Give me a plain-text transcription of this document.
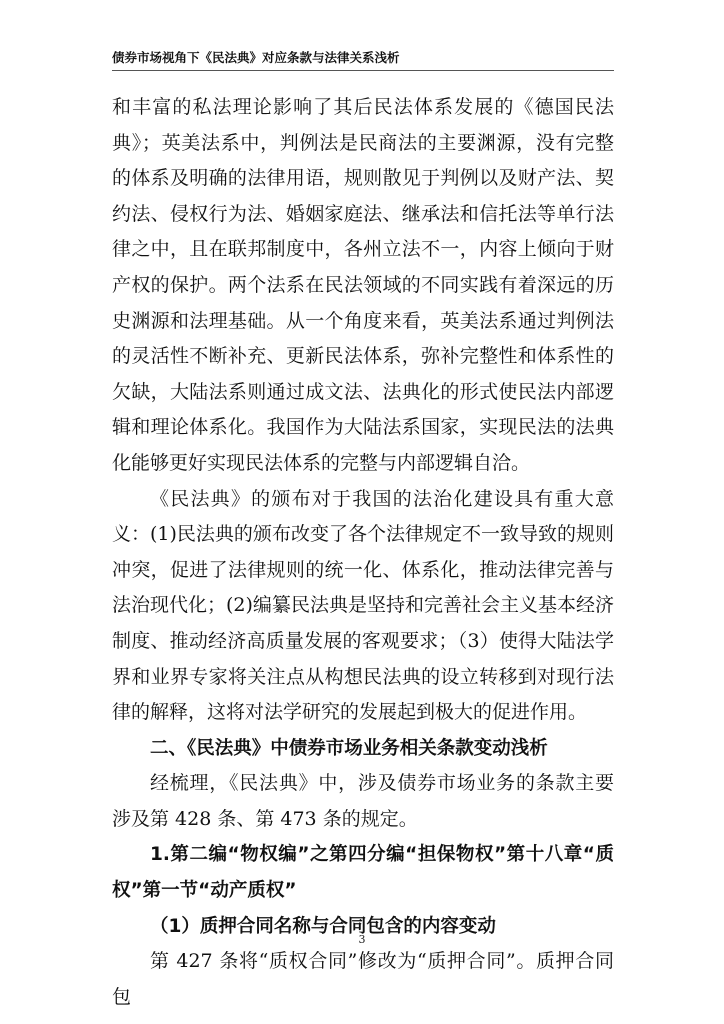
债券市场视角下《民法典》对应条款与法律关系浅析

和丰富的私法理论影响了其后民法体系发展的《德国民法典》；英美法系中，判例法是民商法的主要渊源，没有完整的体系及明确的法律用语，规则散见于判例以及财产法、契约法、侵权行为法、婚姻家庭法、继承法和信托法等单行法律之中，且在联邦制度中，各州立法不一，内容上倾向于财产权的保护。两个法系在民法领域的不同实践有着深远的历史渊源和法理基础。从一个角度来看，英美法系通过判例法的灵活性不断补充、更新民法体系，弥补完整性和体系性的欠缺，大陆法系则通过成文法、法典化的形式使民法内部逻辑和理论体系化。我国作为大陆法系国家，实现民法的法典化能够更好实现民法体系的完整与内部逻辑自洽。

《民法典》的颁布对于我国的法治化建设具有重大意义：(1)民法典的颁布改变了各个法律规定不一致导致的规则冲突，促进了法律规则的统一化、体系化，推动法律完善与法治现代化；(2)编纂民法典是坚持和完善社会主义基本经济制度、推动经济高质量发展的客观要求；（3）使得大陆法学界和业界专家将关注点从构想民法典的设立转移到对现行法律的解释，这将对法学研究的发展起到极大的促进作用。

二、《民法典》中债券市场业务相关条款变动浅析

经梳理，《民法典》中，涉及债券市场业务的条款主要涉及第 428 条、第 473 条的规定。

1.第二编“物权编”之第四分编“担保物权”第十八章“质权”第一节“动产质权”

（1）质押合同名称与合同包含的内容变动

第 427 条将“质权合同”修改为“质押合同”。质押合同包

3
